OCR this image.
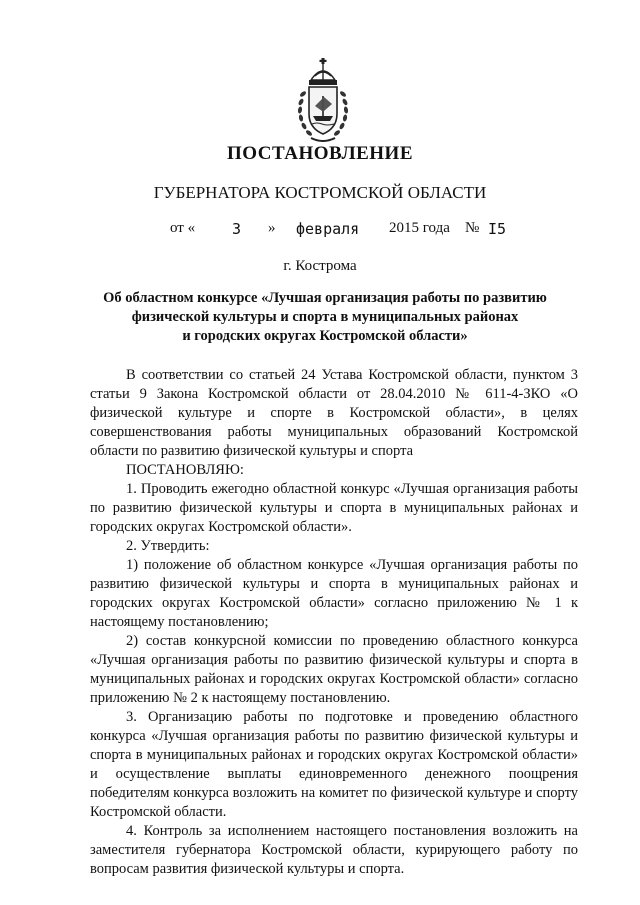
ПОСТАНОВЛЕНИЕ
ГУБЕРНАТОРА КОСТРОМСКОЙ ОБЛАСТИ
от « 3 » февраля 2015 года № I5
г. Кострома
Об областном конкурсе «Лучшая организация работы по развитию
физической культуры и спорта в муниципальных районах
и городских округах Костромской области»

В соответствии со статьей 24 Устава Костромской области, пунктом 3 статьи 9 Закона Костромской области от 28.04.2010 № 611-4-ЗКО «О физической культуре и спорте в Костромской области», в целях совершенствования работы муниципальных образований Костромской области по развитию физической культуры и спорта

ПОСТАНОВЛЯЮ:

1. Проводить ежегодно областной конкурс «Лучшая организация работы по развитию физической культуры и спорта в муниципальных районах и городских округах Костромской области».

2. Утвердить:

1) положение об областном конкурсе «Лучшая организация работы по развитию физической культуры и спорта в муниципальных районах и городских округах Костромской области» согласно приложению № 1 к настоящему постановлению;

2) состав конкурсной комиссии по проведению областного конкурса «Лучшая организация работы по развитию физической культуры и спорта в муниципальных районах и городских округах Костромской области» согласно приложению № 2 к настоящему постановлению.

3. Организацию работы по подготовке и проведению областного конкурса «Лучшая организация работы по развитию физической культуры и спорта в муниципальных районах и городских округах Костромской области» и осуществление выплаты единовременного денежного поощрения победителям конкурса возложить на комитет по физической культуре и спорту Костромской области.

4. Контроль за исполнением настоящего постановления возложить на заместителя губернатора Костромской области, курирующего работу по вопросам развития физической культуры и спорта.
